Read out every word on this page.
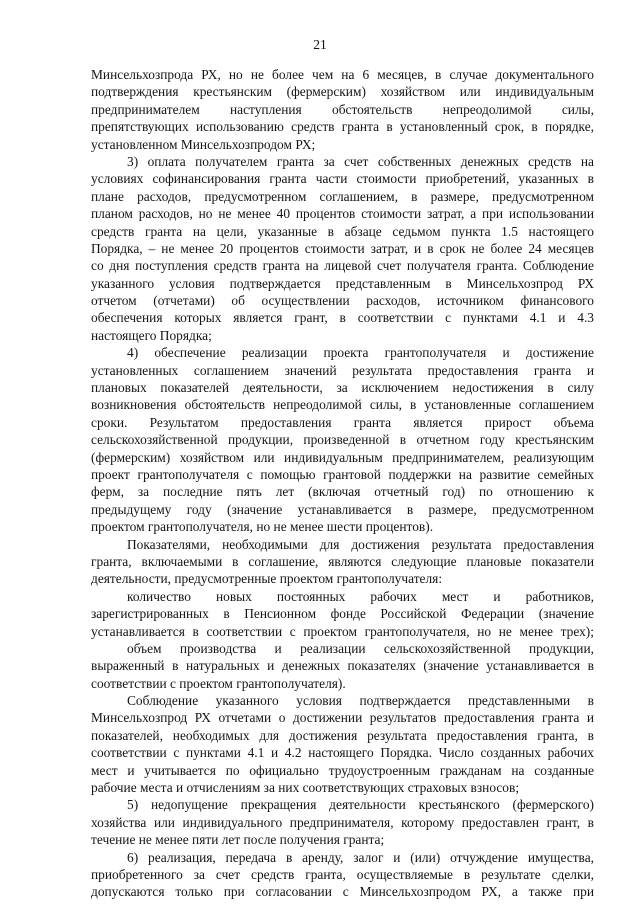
21
Минсельхозпрода РХ, но не более чем на 6 месяцев, в случае документального
подтверждения крестьянским (фермерским) хозяйством или индивидуальным
предпринимателем наступления обстоятельств непреодолимой силы,
препятствующих использованию средств гранта в установленный срок, в порядке,
установленном Минсельхозпродом РХ;
3) оплата получателем гранта за счет собственных денежных средств на
условиях софинансирования гранта части стоимости приобретений, указанных в
плане расходов, предусмотренном соглашением, в размере, предусмотренном
планом расходов, но не менее 40 процентов стоимости затрат, а при использовании
средств гранта на цели, указанные в абзаце седьмом пункта 1.5 настоящего
Порядка, – не менее 20 процентов стоимости затрат, и в срок не более 24 месяцев
со дня поступления средств гранта на лицевой счет получателя гранта. Соблюдение
указанного условия подтверждается представленным в Минсельхозпрод РХ
отчетом (отчетами) об осуществлении расходов, источником финансового
обеспечения которых является грант, в соответствии с пунктами 4.1 и 4.3
настоящего Порядка;
4) обеспечение реализации проекта грантополучателя и достижение
установленных соглашением значений результата предоставления гранта и
плановых показателей деятельности, за исключением недостижения в силу
возникновения обстоятельств непреодолимой силы, в установленные соглашением
сроки. Результатом предоставления гранта является прирост объема
сельскохозяйственной продукции, произведенной в отчетном году крестьянским
(фермерским) хозяйством или индивидуальным предпринимателем, реализующим
проект грантополучателя с помощью грантовой поддержки на развитие семейных
ферм, за последние пять лет (включая отчетный год) по отношению к
предыдущему году (значение устанавливается в размере, предусмотренном
проектом грантополучателя, но не менее шести процентов).
Показателями, необходимыми для достижения результата предоставления
гранта, включаемыми в соглашение, являются следующие плановые показатели
деятельности, предусмотренные проектом грантополучателя:
количество новых постоянных рабочих мест и работников,
зарегистрированных в Пенсионном фонде Российской Федерации (значение
устанавливается в соответствии с проектом грантополучателя, но не менее трех);
объем производства и реализации сельскохозяйственной продукции,
выраженный в натуральных и денежных показателях (значение устанавливается в
соответствии с проектом грантополучателя).
Соблюдение указанного условия подтверждается представленными в
Минсельхозпрод РХ отчетами о достижении результатов предоставления гранта и
показателей, необходимых для достижения результата предоставления гранта, в
соответствии с пунктами 4.1 и 4.2 настоящего Порядка. Число созданных рабочих
мест и учитывается по официально трудоустроенным гражданам на созданные
рабочие места и отчислениям за них соответствующих страховых взносов;
5) недопущение прекращения деятельности крестьянского (фермерского)
хозяйства или индивидуального предпринимателя, которому предоставлен грант, в
течение не менее пяти лет после получения гранта;
6) реализация, передача в аренду, залог и (или) отчуждение имущества,
приобретенного за счет средств гранта, осуществляемые в результате сделки,
допускаются только при согласовании с Минсельхозпродом РХ, а также при
